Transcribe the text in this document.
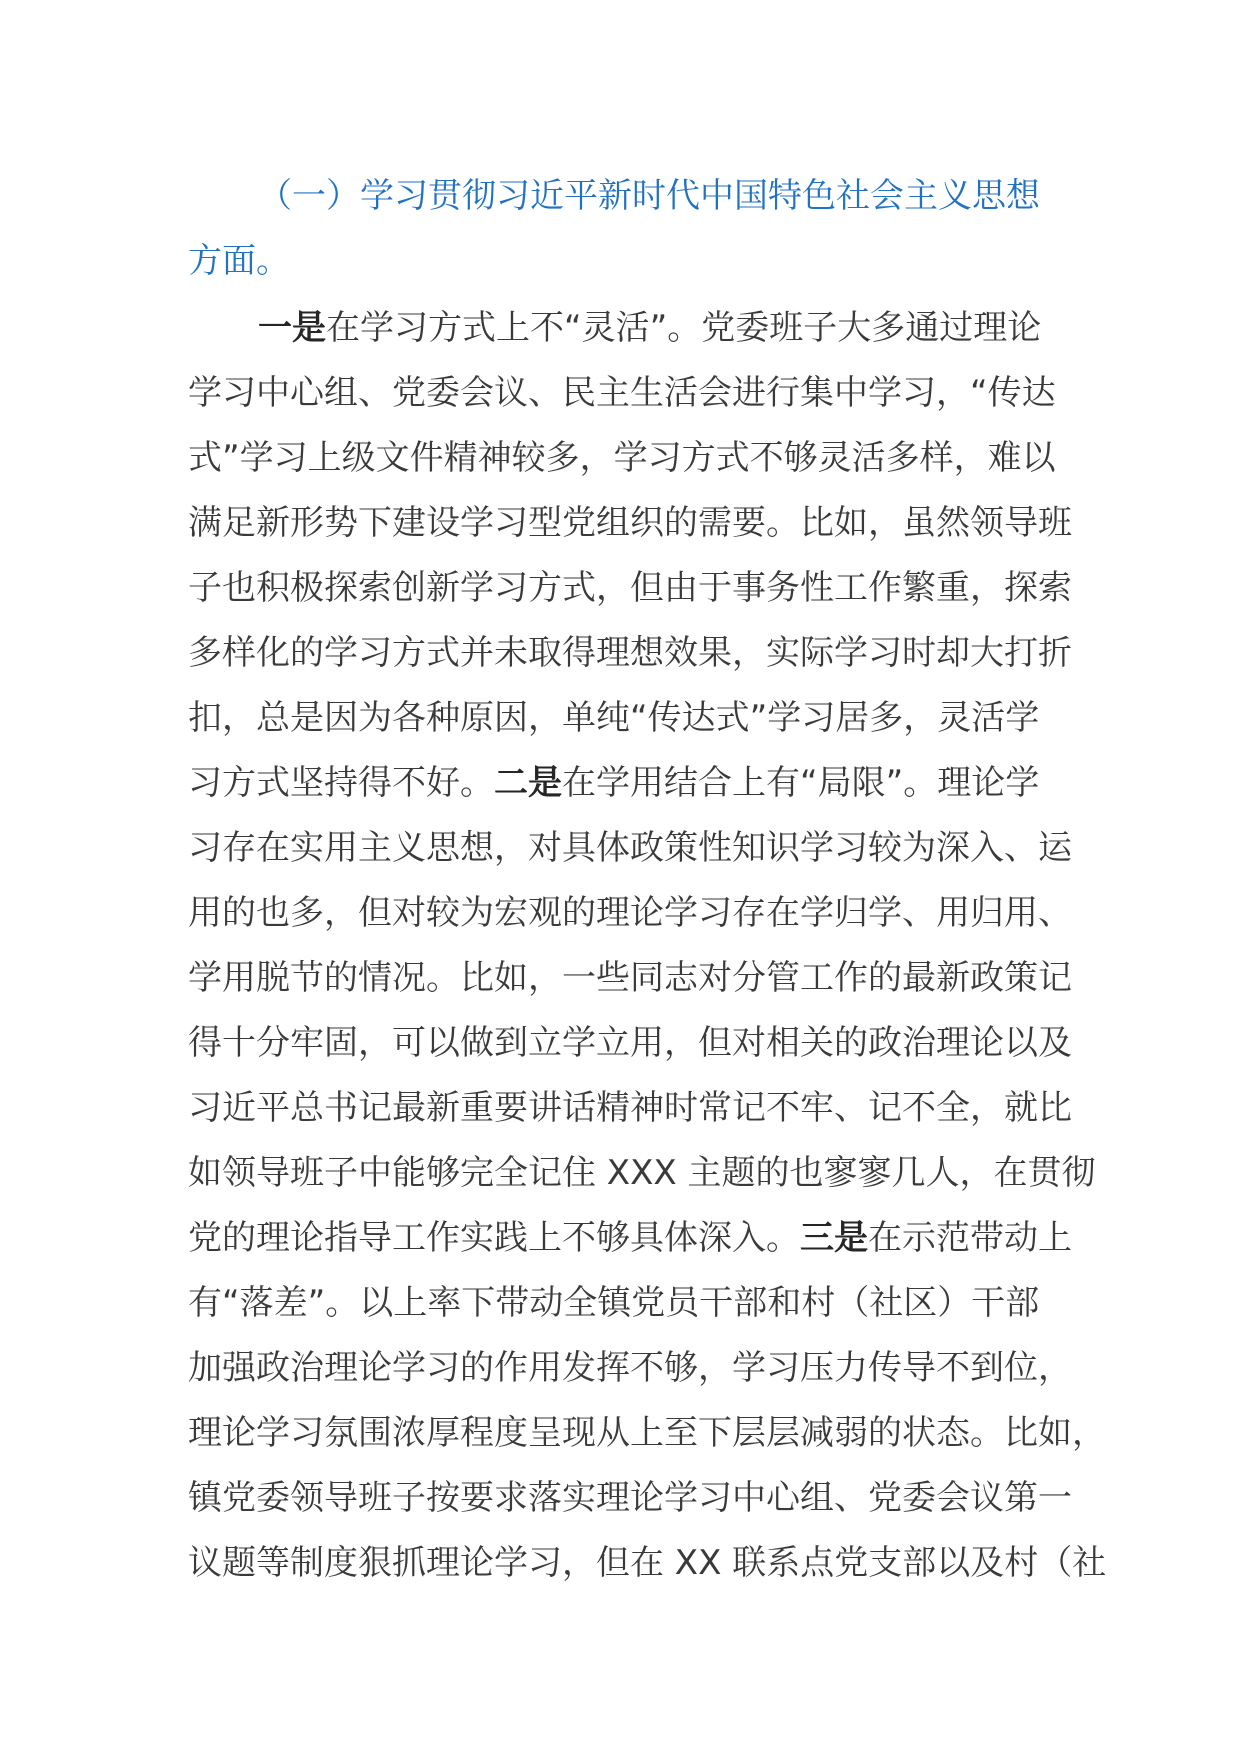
（一）学习贯彻习近平新时代中国特色社会主义思想方面。

一是在学习方式上不“灵活”。党委班子大多通过理论
学习中心组、党委会议、民主生活会进行集中学习，“传达
式”学习上级文件精神较多，学习方式不够灵活多样，难以
满足新形势下建设学习型党组织的需要。比如，虽然领导班
子也积极探索创新学习方式，但由于事务性工作繁重，探索
多样化的学习方式并未取得理想效果，实际学习时却大打折
扣，总是因为各种原因，单纯“传达式”学习居多，灵活学
习方式坚持得不好。二是在学用结合上有“局限”。理论学
习存在实用主义思想，对具体政策性知识学习较为深入、运
用的也多，但对较为宏观的理论学习存在学归学、用归用、
学用脱节的情况。比如，一些同志对分管工作的最新政策记
得十分牢固，可以做到立学立用，但对相关的政治理论以及
习近平总书记最新重要讲话精神时常记不牢、记不全，就比
如领导班子中能够完全记住 XXX 主题的也寥寥几人，在贯彻
党的理论指导工作实践上不够具体深入。三是在示范带动上
有“落差”。以上率下带动全镇党员干部和村（社区）干部
加强政治理论学习的作用发挥不够，学习压力传导不到位，
理论学习氛围浓厚程度呈现从上至下层层减弱的状态。比如，
镇党委领导班子按要求落实理论学习中心组、党委会议第一
议题等制度狠抓理论学习，但在 XX 联系点党支部以及村（社
